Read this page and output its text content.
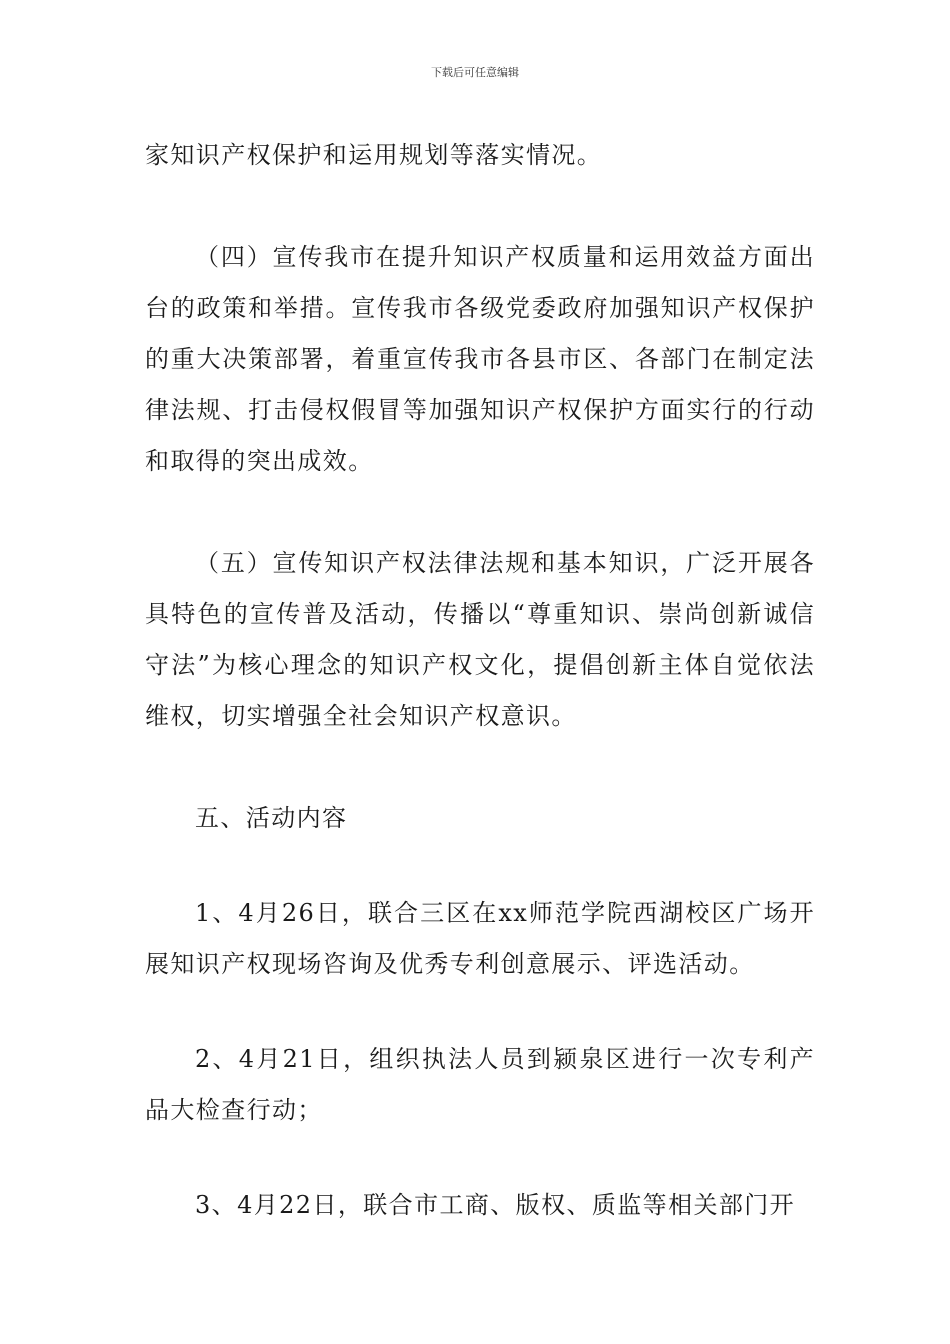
下载后可任意编辑

家知识产权保护和运用规划等落实情况。

（四）宣传我市在提升知识产权质量和运用效益方面出台的政策和举措。宣传我市各级党委政府加强知识产权保护的重大决策部署，着重宣传我市各县市区、各部门在制定法律法规、打击侵权假冒等加强知识产权保护方面实行的行动和取得的突出成效。

（五）宣传知识产权法律法规和基本知识，广泛开展各具特色的宣传普及活动，传播以“尊重知识、崇尚创新诚信守法”为核心理念的知识产权文化，提倡创新主体自觉依法维权，切实增强全社会知识产权意识。

五、活动内容

1、4月26日，联合三区在xx师范学院西湖校区广场开展知识产权现场咨询及优秀专利创意展示、评选活动。

2、4月21日，组织执法人员到颍泉区进行一次专利产品大检查行动；

3、4月22日，联合市工商、版权、质监等相关部门开
